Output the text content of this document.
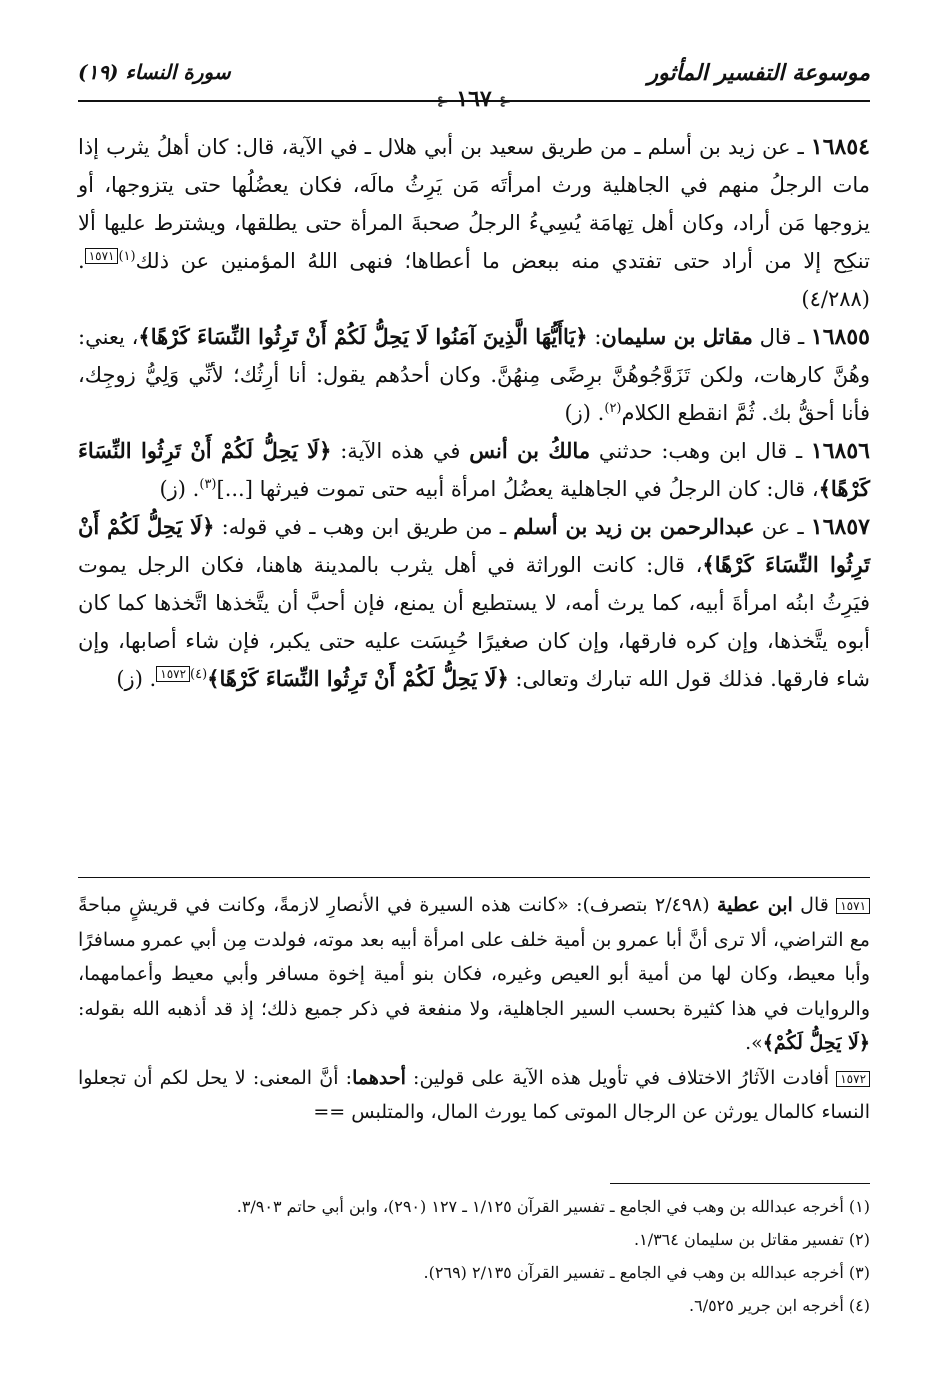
موسوعة التفسير المأثور
⊰ ١٦٧ ⊰
سورة النساء (١٩)

١٦٨٥٤ ـ عن زيد بن أسلم ـ من طريق سعيد بن أبي هلال ـ في الآية، قال: كان أهلُ يثرب إذا مات الرجلُ منهم في الجاهلية ورث امرأتَه مَن يَرِثُ مالَه، فكان يعضُلُها حتى يتزوجها، أو يزوجها مَن أراد، وكان أهل تِهامَة يُسِيءُ الرجلُ صحبةَ المرأة حتى يطلقها، ويشترط عليها ألا تنكِح إلا من أراد حتى تفتدي منه ببعض ما أعطاها؛ فنهى اللهُ المؤمنين عن ذلك$^{(١)}$١٥٧١. (٤/٢٨٨)

١٦٨٥٥ ـ قال مقاتل بن سليمان: ﴿يَاأَيُّهَا الَّذِينَ آمَنُوا لَا يَحِلُّ لَكُمْ أَنْ تَرِثُوا النِّسَاءَ كَرْهًا﴾، يعني: وهُنَّ كارهات، ولكن تَزَوَّجُوهُنَّ برِضًى مِنهُنَّ. وكان أحدُهم يقول: أنا أرِثُك؛ لأنِّي وَلِيُّ زوجِك، فأنا أحقُّ بك. ثُمَّ انقطع الكلام$^{(٢)}$. (ز)

١٦٨٥٦ ـ قال ابن وهب: حدثني مالكُ بن أنس في هذه الآية: ﴿لَا يَحِلُّ لَكُمْ أَنْ تَرِثُوا النِّسَاءَ كَرْهًا﴾، قال: كان الرجلُ في الجاهلية يعضُلُ امرأة أبيه حتى تموت فيرثها [...]$^{(٣)}$. (ز)

١٦٨٥٧ ـ عن عبدالرحمن بن زيد بن أسلم ـ من طريق ابن وهب ـ في قوله: ﴿لَا يَحِلُّ لَكُمْ أَنْ تَرِثُوا النِّسَاءَ كَرْهًا﴾، قال: كانت الوراثة في أهل يثرب بالمدينة هاهنا، فكان الرجل يموت فيَرِثُ ابنُه امرأةَ أبيه، كما يرث أمه، لا يستطيع أن يمنع، فإن أحبَّ أن يتَّخذها اتَّخذها كما كان أبوه يتَّخذها، وإن كره فارقها، وإن كان صغيرًا حُبِسَت عليه حتى يكبر، فإن شاء أصابها، وإن شاء فارقها. فذلك قول الله تبارك وتعالى: ﴿لَا يَحِلُّ لَكُمْ أَنْ تَرِثُوا النِّسَاءَ كَرْهًا﴾$^{(٤)}$١٥٧٢. (ز)

١٥٧١ قال ابن عطية (٢/٤٩٨ بتصرف): «كانت هذه السيرة في الأنصارِ لازمةً، وكانت في قريشٍ مباحةً مع التراضي، ألا ترى أنَّ أبا عمرو بن أمية خلف على امرأة أبيه بعد موته، فولدت مِن أبي عمرو مسافرًا وأبا معيط، وكان لها من أمية أبو العيص وغيره، فكان بنو أمية إخوة مسافر وأبي معيط وأعمامهما، والروايات في هذا كثيرة بحسب السير الجاهلية، ولا منفعة في ذكر جميع ذلك؛ إذ قد أذهبه الله بقوله: ﴿لَا يَحِلُّ لَكُمْ﴾».

١٥٧٢ أفادت الآثارُ الاختلاف في تأويل هذه الآية على قولين: أحدهما: أنَّ المعنى: لا يحل لكم أن تجعلوا النساء كالمال يورثن عن الرجال الموتى كما يورث المال، والمتلبس ==

(١) أخرجه عبدالله بن وهب في الجامع ـ تفسير القرآن ١/١٢٥ ـ ١٢٧ (٢٩٠)، وابن أبي حاتم ٣/٩٠٣.

(٢) تفسير مقاتل بن سليمان ١/٣٦٤.

(٣) أخرجه عبدالله بن وهب في الجامع ـ تفسير القرآن ٢/١٣٥ (٢٦٩).

(٤) أخرجه ابن جرير ٦/٥٢٥.
